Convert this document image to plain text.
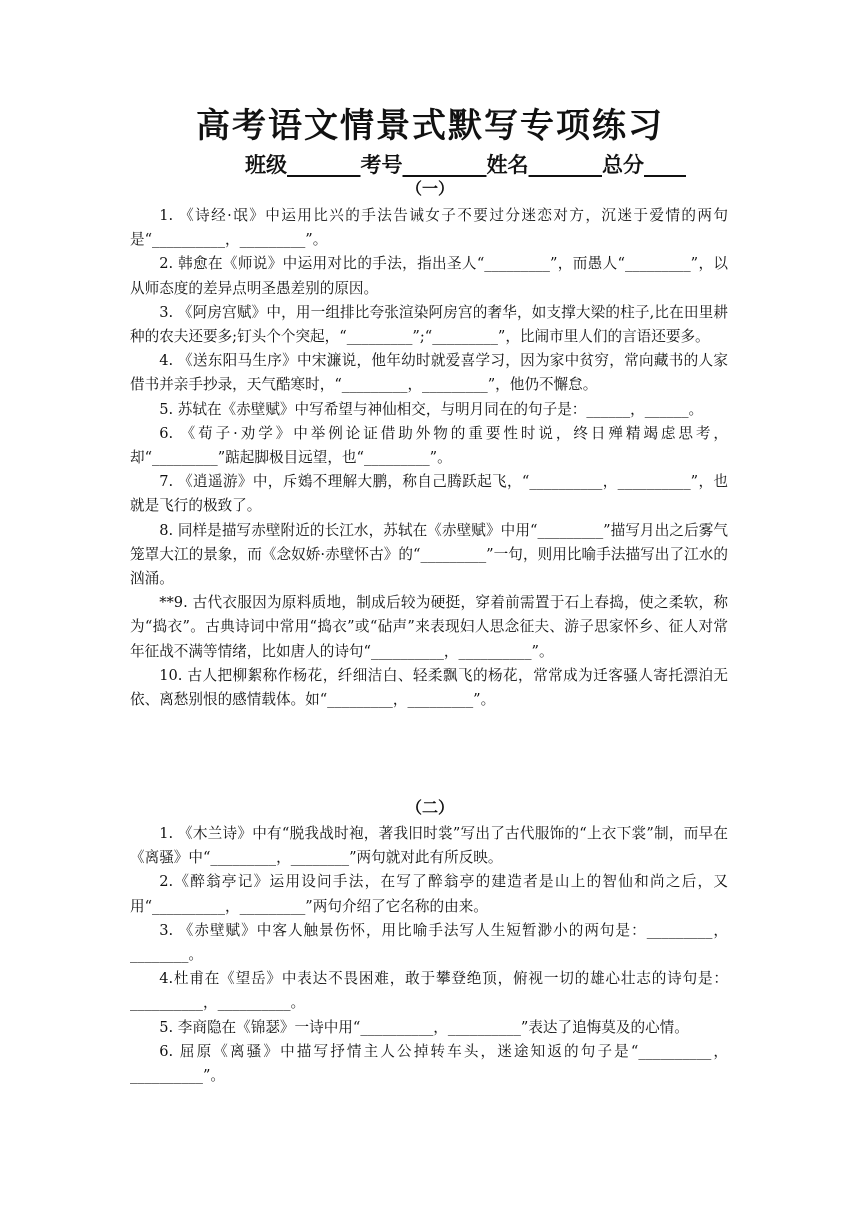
高考语文情景式默写专项练习
班级_______考号________姓名_______总分____
（一）

1. 《诗经·氓》中运用比兴的手法告诫女子不要过分迷恋对方，沉迷于爱情的两句是“__________，_________”。

2. 韩愈在《师说》中运用对比的手法，指出圣人“_________”，而愚人“_________”，以从师态度的差异点明圣愚差别的原因。

3. 《阿房宫赋》中，用一组排比夸张渲染阿房宫的奢华，如支撑大梁的柱子,比在田里耕种的农夫还要多;钉头个个突起，“_________”;“_________”，比闹市里人们的言语还要多。

4. 《送东阳马生序》中宋濂说，他年幼时就爱喜学习，因为家中贫穷，常向藏书的人家借书并亲手抄录，天气酷寒时，“_________，_________”，他仍不懈怠。

5. 苏轼在《赤壁赋》中写希望与神仙相交，与明月同在的句子是：______，______。

6. 《荀子·劝学》中举例论证借助外物的重要性时说，终日殚精竭虑思考，却“_________”踮起脚极目远望，也“_________”。

7. 《逍遥游》中，斥鴳不理解大鹏，称自己腾跃起飞，“__________，__________”，也就是飞行的极致了。

8. 同样是描写赤壁附近的长江水，苏轼在《赤壁赋》中用“_________”描写月出之后雾气笼罩大江的景象，而《念奴娇·赤壁怀古》的“_________”一句，则用比喻手法描写出了江水的汹涌。

**9. 古代衣服因为原料质地，制成后较为硬挺，穿着前需置于石上春捣，使之柔软，称为“捣衣”。古典诗词中常用“捣衣”或“砧声”来表现妇人思念征夫、游子思家怀乡、征人对常年征战不满等情绪，比如唐人的诗句“__________，__________”。

10. 古人把柳絮称作杨花，纤细洁白、轻柔飘飞的杨花，常常成为迁客骚人寄托漂泊无依、离愁别恨的感情载体。如“_________，_________”。

（二）

1. 《木兰诗》中有“脱我战时袍，著我旧时裳”写出了古代服饰的“上衣下裳”制，而早在《离骚》中“_________，________”两句就对此有所反映。

2.《醉翁亭记》运用设问手法，在写了醉翁亭的建造者是山上的智仙和尚之后，又用“__________，_________”两句介绍了它名称的由来。

3. 《赤壁赋》中客人触景伤怀，用比喻手法写人生短暂渺小的两句是：_________，________。

4.杜甫在《望岳》中表达不畏困难，敢于攀登绝顶，俯视一切的雄心壮志的诗句是：__________，__________。

5. 李商隐在《锦瑟》一诗中用“__________，__________”表达了追悔莫及的心情。

6. 屈原《离骚》中描写抒情主人公掉转车头，迷途知返的句子是“__________，__________”。
